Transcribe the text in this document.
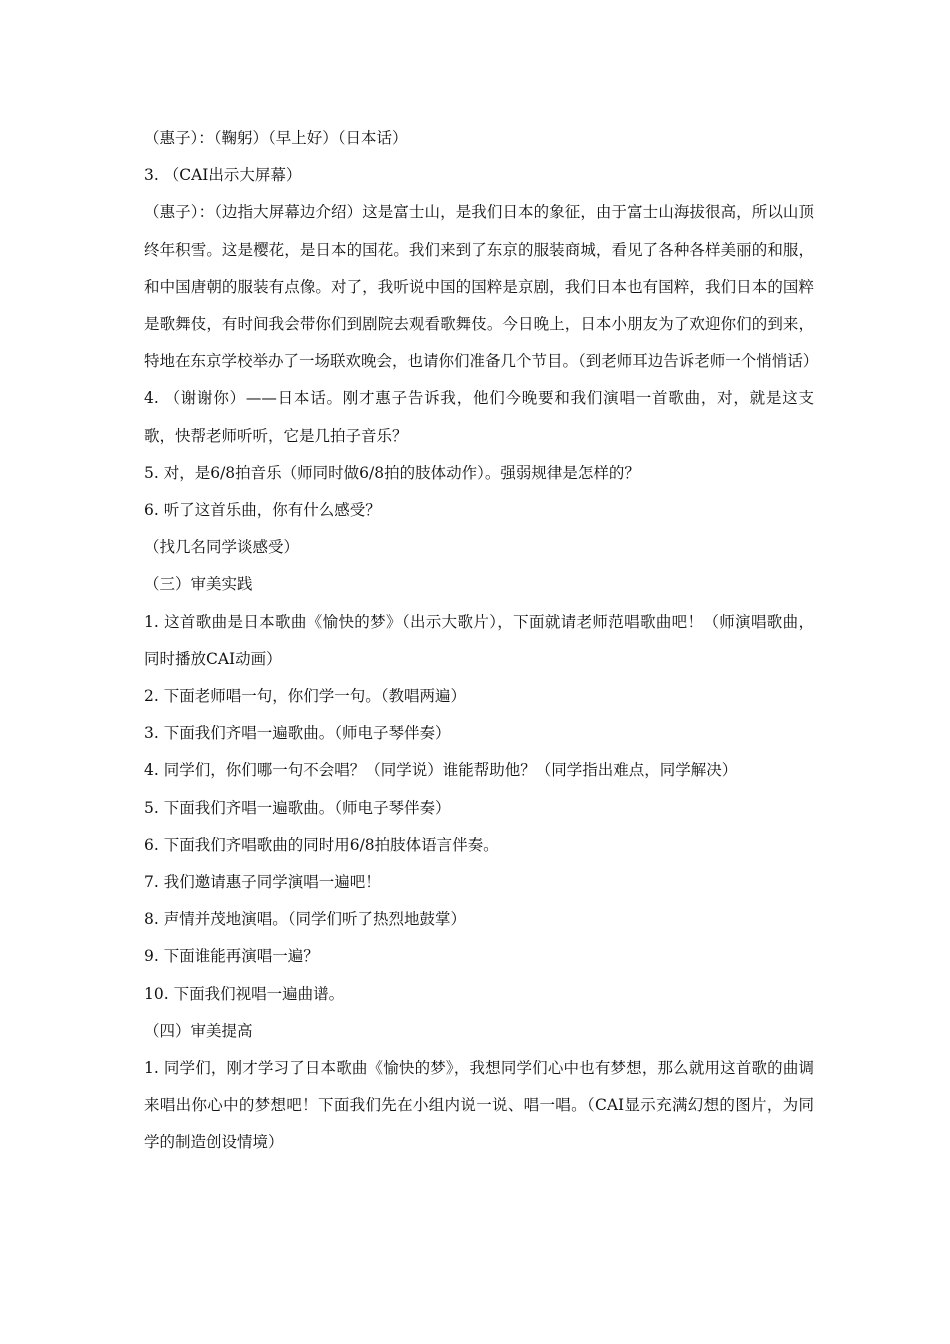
（惠子）：（鞠躬）（早上好）（日本话）

3. （CAI出示大屏幕）

（惠子）：（边指大屏幕边介绍）这是富士山，是我们日本的象征，由于富士山海拔很高，所以山顶终年积雪。这是樱花，是日本的国花。我们来到了东京的服装商城，看见了各种各样美丽的和服，和中国唐朝的服装有点像。对了，我听说中国的国粹是京剧，我们日本也有国粹，我们日本的国粹是歌舞伎，有时间我会带你们到剧院去观看歌舞伎。今日晚上，日本小朋友为了欢迎你们的到来，特地在东京学校举办了一场联欢晚会，也请你们准备几个节目。（到老师耳边告诉老师一个悄悄话）

4. （谢谢你）——日本话。刚才惠子告诉我，他们今晚要和我们演唱一首歌曲，对，就是这支歌，快帮老师听听，它是几拍子音乐？

5. 对，是6/8拍音乐（师同时做6/8拍的肢体动作）。强弱规律是怎样的？

6. 听了这首乐曲，你有什么感受？

（找几名同学谈感受）

（三）审美实践

1. 这首歌曲是日本歌曲《愉快的梦》（出示大歌片），下面就请老师范唱歌曲吧！（师演唱歌曲，同时播放CAI动画）

2. 下面老师唱一句，你们学一句。（教唱两遍）

3. 下面我们齐唱一遍歌曲。（师电子琴伴奏）

4. 同学们，你们哪一句不会唱？（同学说）谁能帮助他？（同学指出难点，同学解决）

5. 下面我们齐唱一遍歌曲。（师电子琴伴奏）

6. 下面我们齐唱歌曲的同时用6/8拍肢体语言伴奏。

7. 我们邀请惠子同学演唱一遍吧！

8. 声情并茂地演唱。（同学们听了热烈地鼓掌）

9. 下面谁能再演唱一遍？

10. 下面我们视唱一遍曲谱。

（四）审美提高

1. 同学们，刚才学习了日本歌曲《愉快的梦》，我想同学们心中也有梦想，那么就用这首歌的曲调来唱出你心中的梦想吧！下面我们先在小组内说一说、唱一唱。（CAI显示充满幻想的图片，为同学的制造创设情境）
